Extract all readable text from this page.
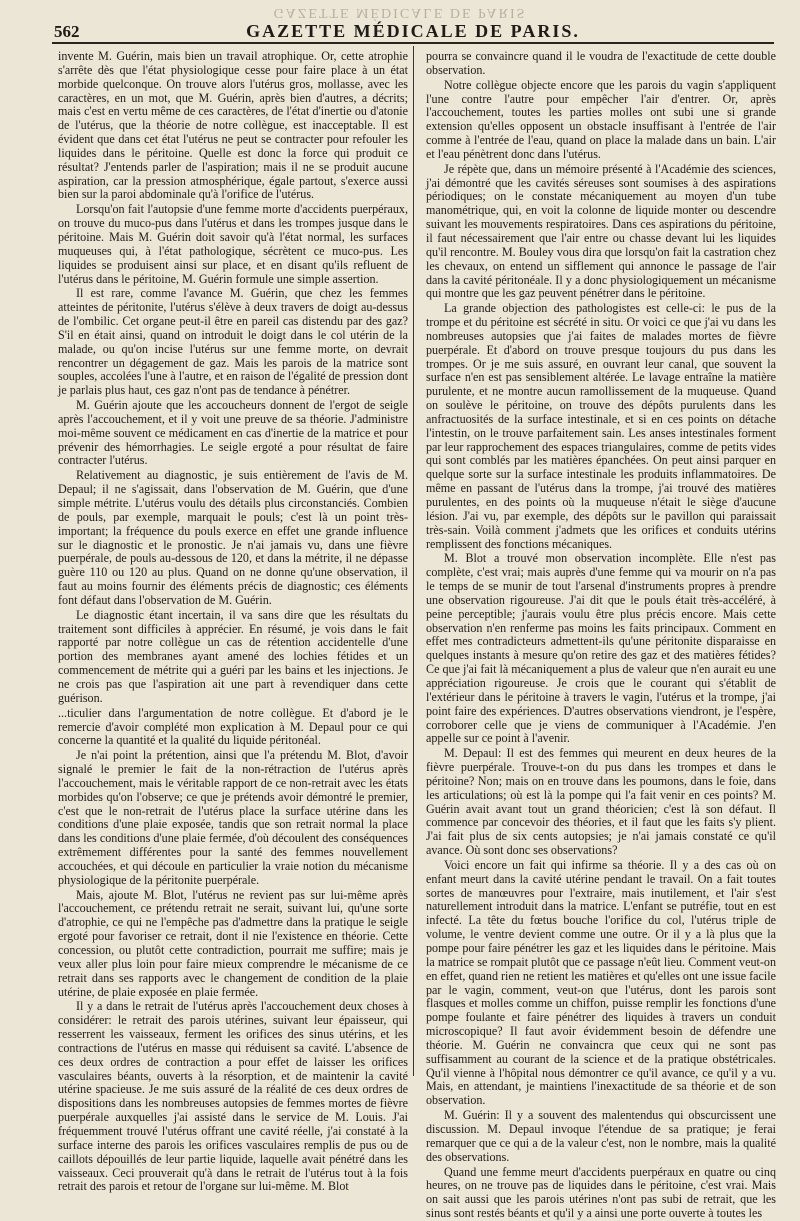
GAZETTE MÉDICALE DE PARIS
562	GAZETTE MÉDICALE DE PARIS.

invente M. Guérin, mais bien un travail atrophique. Or, cette atrophie s'arrête dès que l'état physiologique cesse pour faire place à un état morbide quelconque. On trouve alors l'utérus gros, mollasse, avec les caractères, en un mot, que M. Guérin, après bien d'autres, a décrits; mais c'est en vertu même de ces caractères, de l'état d'inertie ou d'atonie de l'utérus, que la théorie de notre collègue, est inacceptable. Il est évident que dans cet état l'utérus ne peut se contracter pour refouler les liquides dans le péritoine. Quelle est donc la force qui produit ce résultat? J'entends parler de l'aspiration; mais il ne se produit aucune aspiration, car la pression atmosphérique, égale partout, s'exerce aussi bien sur la paroi abdominale qu'à l'orifice de l'utérus.

Lorsqu'on fait l'autopsie d'une femme morte d'accidents puerpéraux, on trouve du muco-pus dans l'utérus et dans les trompes jusque dans le péritoine. Mais M. Guérin doit savoir qu'à l'état normal, les surfaces muqueuses qui, à l'état pathologique, sécrètent ce muco-pus. Les liquides se produisent ainsi sur place, et en disant qu'ils refluent de l'utérus dans le péritoine, M. Guérin formule une simple assertion.

Il est rare, comme l'avance M. Guérin, que chez les femmes atteintes de péritonite, l'utérus s'élève à deux travers de doigt au-dessus de l'ombilic. Cet organe peut-il être en pareil cas distendu par des gaz? S'il en était ainsi, quand on introduit le doigt dans le col utérin de la malade, ou qu'on incise l'utérus sur une femme morte, on devrait rencontrer un dégagement de gaz. Mais les parois de la matrice sont souples, accolées l'une à l'autre, et en raison de l'égalité de pression dont je parlais plus haut, ces gaz n'ont pas de tendance à pénétrer.

M. Guérin ajoute que les accoucheurs donnent de l'ergot de seigle après l'accouchement, et il y voit une preuve de sa théorie. J'administre moi-même souvent ce médicament en cas d'inertie de la matrice et pour prévenir des hémorrhagies. Le seigle ergoté a pour résultat de faire contracter l'utérus.

Relativement au diagnostic, je suis entièrement de l'avis de M. Depaul; il ne s'agissait, dans l'observation de M. Guérin, que d'une simple métrite. L'utérus voulu des détails plus circonstanciés. Combien de pouls, par exemple, marquait le pouls; c'est là un point très-important; la fréquence du pouls exerce en effet une grande influence sur le diagnostic et le pronostic. Je n'ai jamais vu, dans une fièvre puerpérale, de pouls au-dessous de 120, et dans la métrite, il ne dépasse guère 110 ou 120 au plus. Quand on ne donne qu'une observation, il faut au moins fournir des éléments précis de diagnostic; ces éléments font défaut dans l'observation de M. Guérin.

Le diagnostic étant incertain, il va sans dire que les résultats du traitement sont difficiles à apprécier. En résumé, je vois dans le fait rapporté par notre collègue un cas de rétention accidentelle d'une portion des membranes ayant amené des lochies fétides et un commencement de métrite qui a guéri par les bains et les injections. Je ne crois pas que l'aspiration ait une part à revendiquer dans cette guérison.

...ticulier dans l'argumentation de notre collègue. Et d'abord je le remercie d'avoir complété mon explication à M. Depaul pour ce qui concerne la quantité et la qualité du liquide péritonéal.

Je n'ai point la prétention, ainsi que l'a prétendu M. Blot, d'avoir signalé le premier le fait de la non-rétraction de l'utérus après l'accouchement, mais le véritable rapport de ce non-retrait avec les états morbides qu'on l'observe; ce que je prétends avoir démontré le premier, c'est que le non-retrait de l'utérus place la surface utérine dans les conditions d'une plaie exposée, tandis que son retrait normal la place dans les conditions d'une plaie fermée, d'où découlent des conséquences extrêmement différentes pour la santé des femmes nouvellement accouchées, et qui découle en particulier la vraie notion du mécanisme physiologique de la péritonite puerpérale.

Mais, ajoute M. Blot, l'utérus ne revient pas sur lui-même après l'accouchement, ce prétendu retrait ne serait, suivant lui, qu'une sorte d'atrophie, ce qui ne l'empêche pas d'admettre dans la pratique le seigle ergoté pour favoriser ce retrait, dont il nie l'existence en théorie. Cette concession, ou plutôt cette contradiction, pourrait me suffire; mais je veux aller plus loin pour faire mieux comprendre le mécanisme de ce retrait dans ses rapports avec le changement de condition de la plaie utérine, de plaie exposée en plaie fermée.

Il y a dans le retrait de l'utérus après l'accouchement deux choses à considérer: le retrait des parois utérines, suivant leur épaisseur, qui resserrent les vaisseaux, ferment les orifices des sinus utérins, et les contractions de l'utérus en masse qui réduisent sa cavité. L'absence de ces deux ordres de contraction a pour effet de laisser les orifices vasculaires béants, ouverts à la résorption, et de maintenir la cavité utérine spacieuse. Je me suis assuré de la réalité de ces deux ordres de dispositions dans les nombreuses autopsies de femmes mortes de fièvre puerpérale auxquelles j'ai assisté dans le service de M. Louis. J'ai fréquemment trouvé l'utérus offrant une cavité réelle, j'ai constaté à la surface interne des parois les orifices vasculaires remplis de pus ou de caillots dépouillés de leur partie liquide, laquelle avait pénétré dans les vaisseaux. Ceci prouverait qu'à dans le retrait de l'utérus tout à la fois retrait des parois et retour de l'organe sur lui-même. M. Blot

pourra se convaincre quand il le voudra de l'exactitude de cette double observation.

Notre collègue objecte encore que les parois du vagin s'appliquent l'une contre l'autre pour empêcher l'air d'entrer. Or, après l'accouchement, toutes les parties molles ont subi une si grande extension qu'elles opposent un obstacle insuffisant à l'entrée de l'air comme à l'entrée de l'eau, quand on place la malade dans un bain. L'air et l'eau pénètrent donc dans l'utérus.

Je répète que, dans un mémoire présenté à l'Académie des sciences, j'ai démontré que les cavités séreuses sont soumises à des aspirations périodiques; on le constate mécaniquement au moyen d'un tube manométrique, qui, en voit la colonne de liquide monter ou descendre suivant les mouvements respiratoires. Dans ces aspirations du péritoine, il faut nécessairement que l'air entre ou chasse devant lui les liquides qu'il rencontre. M. Bouley vous dira que lorsqu'on fait la castration chez les chevaux, on entend un sifflement qui annonce le passage de l'air dans la cavité péritonéale. Il y a donc physiologiquement un mécanisme qui montre que les gaz peuvent pénétrer dans le péritoine.

La grande objection des pathologistes est celle-ci: le pus de la trompe et du péritoine est sécrété in situ. Or voici ce que j'ai vu dans les nombreuses autopsies que j'ai faites de malades mortes de fièvre puerpérale. Et d'abord on trouve presque toujours du pus dans les trompes. Or je me suis assuré, en ouvrant leur canal, que souvent la surface n'en est pas sensiblement altérée. Le lavage entraîne la matière purulente, et ne montre aucun ramollissement de la muqueuse. Quand on soulève le péritoine, on trouve des dépôts purulents dans les anfractuosités de la surface intestinale, et si en ces points on détache l'intestin, on le trouve parfaitement sain. Les anses intestinales forment par leur rapprochement des espaces triangulaires, comme de petits vides qui sont comblés par les matières épanchées. On peut ainsi parquer en quelque sorte sur la surface intestinale les produits inflammatoires. De même en passant de l'utérus dans la trompe, j'ai trouvé des matières purulentes, en des points où la muqueuse n'était le siège d'aucune lésion. J'ai vu, par exemple, des dépôts sur le pavillon qui paraissait très-sain. Voilà comment j'admets que les orifices et conduits utérins remplissent des fonctions mécaniques.

M. Blot a trouvé mon observation incomplète. Elle n'est pas complète, c'est vrai; mais auprès d'une femme qui va mourir on n'a pas le temps de se munir de tout l'arsenal d'instruments propres à prendre une observation rigoureuse. J'ai dit que le pouls était très-accéléré, à peine perceptible; j'aurais voulu être plus précis encore. Mais cette observation n'en renferme pas moins les faits principaux. Comment en effet mes contradicteurs admettent-ils qu'une péritonite disparaisse en quelques instants à mesure qu'on retire des gaz et des matières fétides? Ce que j'ai fait là mécaniquement a plus de valeur que n'en aurait eu une appréciation rigoureuse. Je crois que le courant qui s'établit de l'extérieur dans le péritoine à travers le vagin, l'utérus et la trompe, j'ai point faire des expériences. D'autres observations viendront, je l'espère, corroborer celle que je viens de communiquer à l'Académie. J'en appelle sur ce point à l'avenir.

M. Depaul: Il est des femmes qui meurent en deux heures de la fièvre puerpérale. Trouve-t-on du pus dans les trompes et dans le péritoine? Non; mais on en trouve dans les poumons, dans le foie, dans les articulations; où est là la pompe qui l'a fait venir en ces points? M. Guérin avait avant tout un grand théoricien; c'est là son défaut. Il commence par concevoir des théories, et il faut que les faits s'y plient. J'ai fait plus de six cents autopsies; je n'ai jamais constaté ce qu'il avance. Où sont donc ses observations?

Voici encore un fait qui infirme sa théorie. Il y a des cas où on enfant meurt dans la cavité utérine pendant le travail. On a fait toutes sortes de manœuvres pour l'extraire, mais inutilement, et l'air s'est naturellement introduit dans la matrice. L'enfant se putréfie, tout en est infecté. La tête du fœtus bouche l'orifice du col, l'utérus triple de volume, le ventre devient comme une outre. Or il y a là plus que la pompe pour faire pénétrer les gaz et les liquides dans le péritoine. Mais la matrice se rompait plutôt que ce passage n'eût lieu. Comment veut-on en effet, quand rien ne retient les matières et qu'elles ont une issue facile par le vagin, comment, veut-on que l'utérus, dont les parois sont flasques et molles comme un chiffon, puisse remplir les fonctions d'une pompe foulante et faire pénétrer des liquides à travers un conduit microscopique? Il faut avoir évidemment besoin de défendre une théorie. M. Guérin ne convaincra que ceux qui ne sont pas suffisamment au courant de la science et de la pratique obstétricales. Qu'il vienne à l'hôpital nous démontrer ce qu'il avance, ce qu'il y a vu. Mais, en attendant, je maintiens l'inexactitude de sa théorie et de son observation.

M. Guérin: Il y a souvent des malentendus qui obscurcissent une discussion. M. Depaul invoque l'étendue de sa pratique; je ferai remarquer que ce qui a de la valeur c'est, non le nombre, mais la qualité des observations.

Quand une femme meurt d'accidents puerpéraux en quatre ou cinq heures, on ne trouve pas de liquides dans le péritoine, c'est vrai. Mais on sait aussi que les parois utérines n'ont pas subi de retrait, que les sinus sont restés béants et qu'il y a ainsi une porte ouverte à toutes les
